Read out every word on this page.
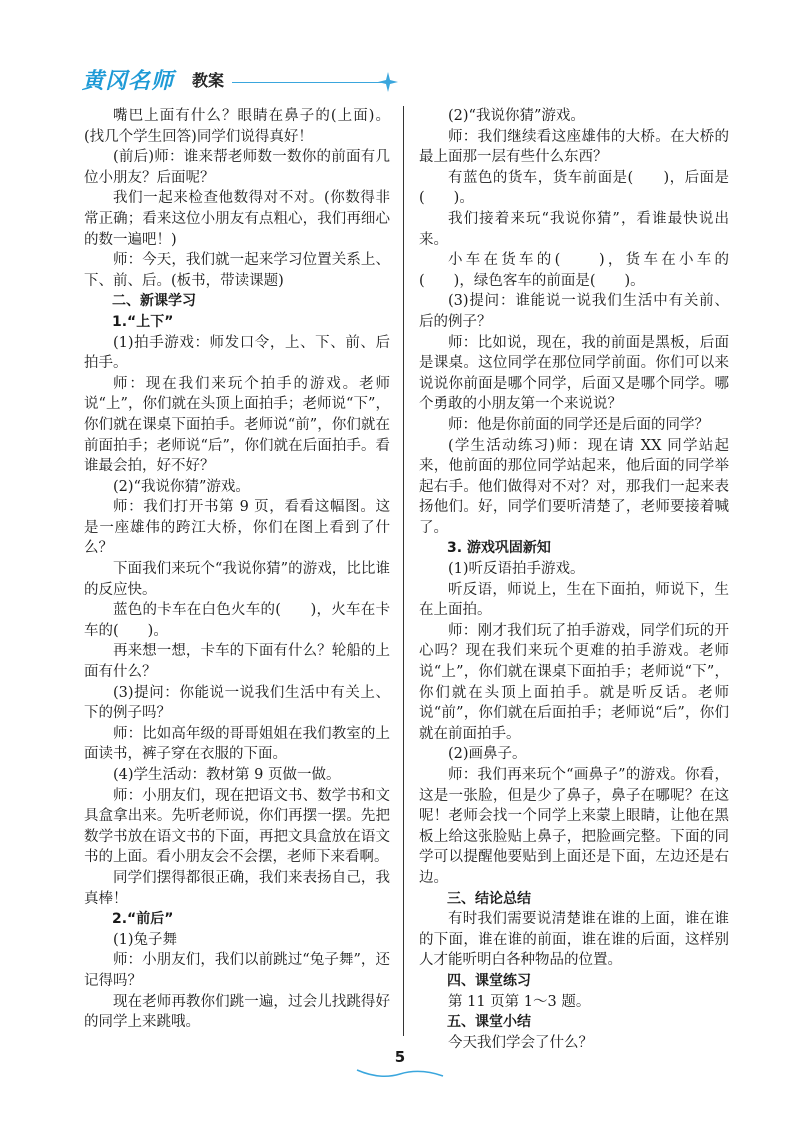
黄冈名师 教案

嘴巴上面有什么？眼睛在鼻子的(上面)。(找几个学生回答)同学们说得真好！

(前后)师：谁来帮老师数一数你的前面有几位小朋友？后面呢？

我们一起来检查他数得对不对。(你数得非常正确；看来这位小朋友有点粗心，我们再细心的数一遍吧！)

师：今天，我们就一起来学习位置关系上、下、前、后。(板书，带读课题)

二、新课学习

1.“上下”

(1)拍手游戏：师发口令，上、下、前、后拍手。

师：现在我们来玩个拍手的游戏。老师说“上”，你们就在头顶上面拍手；老师说“下”，你们就在课桌下面拍手。老师说“前”，你们就在前面拍手；老师说“后”，你们就在后面拍手。看谁最会拍，好不好？

(2)“我说你猜”游戏。

师：我们打开书第 9 页，看看这幅图。这是一座雄伟的跨江大桥，你们在图上看到了什么？

下面我们来玩个“我说你猜”的游戏，比比谁的反应快。

蓝色的卡车在白色火车的(　　)，火车在卡车的(　　)。

再来想一想，卡车的下面有什么？轮船的上面有什么？

(3)提问：你能说一说我们生活中有关上、下的例子吗？

师：比如高年级的哥哥姐姐在我们教室的上面读书，裤子穿在衣服的下面。

(4)学生活动：教材第 9 页做一做。

师：小朋友们，现在把语文书、数学书和文具盒拿出来。先听老师说，你们再摆一摆。先把数学书放在语文书的下面，再把文具盒放在语文书的上面。看小朋友会不会摆，老师下来看啊。

同学们摆得都很正确，我们来表扬自己，我真棒！

2.“前后”

(1)兔子舞

师：小朋友们，我们以前跳过“兔子舞”，还记得吗？

现在老师再教你们跳一遍，过会儿找跳得好的同学上来跳哦。

(2)“我说你猜”游戏。

师：我们继续看这座雄伟的大桥。在大桥的最上面那一层有些什么东西？

有蓝色的货车，货车前面是(　　)，后面是(　　)。

我们接着来玩“我说你猜”，看谁最快说出来。

小车在货车的(　　)，货车在小车的(　　)，绿色客车的前面是(　　)。

(3)提问：谁能说一说我们生活中有关前、后的例子？

师：比如说，现在，我的前面是黑板，后面是课桌。这位同学在那位同学前面。你们可以来说说你前面是哪个同学，后面又是哪个同学。哪个勇敢的小朋友第一个来说说？

师：他是你前面的同学还是后面的同学？

(学生活动练习)师：现在请 XX 同学站起来，他前面的那位同学站起来，他后面的同学举起右手。他们做得对不对？对，那我们一起来表扬他们。好，同学们要听清楚了，老师要接着喊了。

3. 游戏巩固新知

(1)听反语拍手游戏。

听反语，师说上，生在下面拍，师说下，生在上面拍。

师：刚才我们玩了拍手游戏，同学们玩的开心吗？现在我们来玩个更难的拍手游戏。老师说“上”，你们就在课桌下面拍手；老师说“下”，你们就在头顶上面拍手。就是听反话。老师说“前”，你们就在后面拍手；老师说“后”，你们就在前面拍手。

(2)画鼻子。

师：我们再来玩个“画鼻子”的游戏。你看，这是一张脸，但是少了鼻子，鼻子在哪呢？在这呢！老师会找一个同学上来蒙上眼睛，让他在黑板上给这张脸贴上鼻子，把脸画完整。下面的同学可以提醒他要贴到上面还是下面，左边还是右边。

三、结论总结

有时我们需要说清楚谁在谁的上面，谁在谁的下面，谁在谁的前面，谁在谁的后面，这样别人才能听明白各种物品的位置。

四、课堂练习

第 11 页第 1～3 题。

五、课堂小结

今天我们学会了什么？

5
